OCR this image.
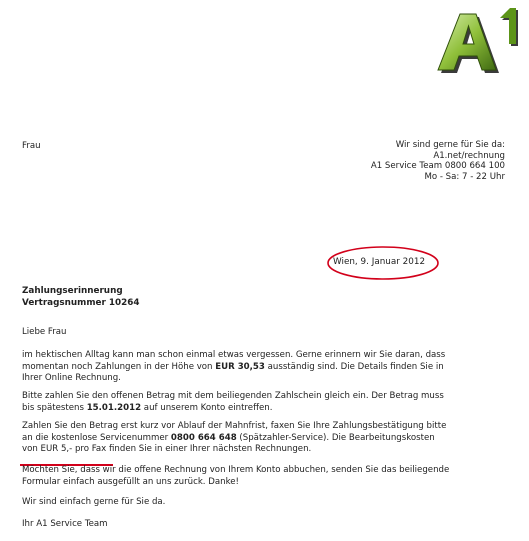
Frau	Wir sind gerne für Sie da:
A1.net/rechnung
A1 Service Team 0800 664 100
Mo - Sa: 7 - 22 Uhr
Wien, 9. Januar 2012
Zahlungserinnerung
Vertragsnummer 10264
Liebe Frau
im hektischen Alltag kann man schon einmal etwas vergessen. Gerne erinnern wir Sie daran, dass
momentan noch Zahlungen in der Höhe von EUR 30,53 ausständig sind. Die Details finden Sie in
Ihrer Online Rechnung.
Bitte zahlen Sie den offenen Betrag mit dem beiliegenden Zahlschein gleich ein. Der Betrag muss
bis spätestens 15.01.2012 auf unserem Konto eintreffen.
Zahlen Sie den Betrag erst kurz vor Ablauf der Mahnfrist, faxen Sie Ihre Zahlungsbestätigung bitte
an die kostenlose Servicenummer 0800 664 648 (Spätzahler-Service). Die Bearbeitungskosten
von EUR 5,- pro Fax finden Sie in einer Ihrer nächsten Rechnungen.
Möchten Sie, dass wir die offene Rechnung von Ihrem Konto abbuchen, senden Sie das beiliegende
Formular einfach ausgefüllt an uns zurück. Danke!
Wir sind einfach gerne für Sie da.
Ihr A1 Service Team
